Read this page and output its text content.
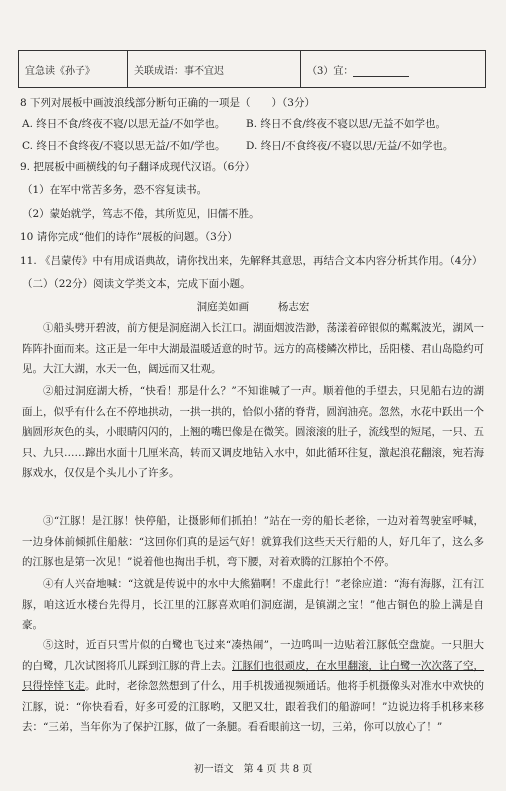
宜急读《孙子》	关联成语：事不宜迟	（3）宜：
8 下列对展板中画波浪线部分断句正确的一项是（　　）（3分）
A. 终日不食/终夜不寝/以思无益/不如学也。	B. 终日不食/终夜不寝以思/无益不如学也。
C. 终日不食终夜/不寝以思无益/不如/学也。	D. 终日/不食终夜/不寝以思/无益/不如学也。
9. 把展板中画横线的句子翻译成现代汉语。（6分）
（1）在军中常苦多务，恐不容复读书。
（2）蒙始就学，笃志不倦，其所览见，旧儒不胜。
10 请你完成“他们的诗作”展板的问题。（3分）
11. 《吕蒙传》中有用成语典故，请你找出来，先解释其意思，再结合文本内容分析其作用。（4分）
（二）（22分）阅读文学类文本，完成下面小题。
洞庭美如画	杨志宏

①船头劈开碧波，前方便是洞庭湖入长江口。湖面烟波浩渺，荡漾着碎银似的粼粼波光，湖风一阵阵扑面而来。这正是一年中大湖最温暖适意的时节。远方的高楼鳞次栉比，岳阳楼、君山岛隐约可见。大江大湖，水天一色，阔远而又壮观。

②船过洞庭湖大桥，“快看！那是什么？”不知谁喊了一声。顺着他的手望去，只见船右边的湖面上，似乎有什么在不停地拱动，一拱一拱的，恰似小猪的脊背，圆润油亮。忽然，水花中跃出一个脑圆形灰色的头，小眼睛闪闪的，上翘的嘴巴像是在微笑。圆滚滚的肚子，流线型的短尾，一只、五只、九只……蹿出水面十几厘米高，转而又调皮地钻入水中，如此循环往复，激起浪花翻滚，宛若海豚戏水，仅仅是个头儿小了许多。

③“江豚！是江豚！快停船，让摄影师们抓拍！”站在一旁的船长老徐，一边对着驾驶室呼喊，一边身体前倾抓住船舷：“这回你们真的是运气好！就算我们这些天天行船的人，好几年了，这么多的江豚也是第一次见！”说着他也掏出手机，弯下腰，对着欢腾的江豚拍个不停。

④有人兴奋地喊：“这就是传说中的水中大熊猫啊！不虚此行！”老徐应道：“海有海豚，江有江豚，咱这近水楼台先得月，长江里的江豚喜欢咱们洞庭湖，是镇湖之宝！”他古铜色的脸上满是自豪。

⑤这时，近百只雪片似的白鹭也飞过来“凑热闹”，一边鸣叫一边贴着江豚低空盘旋。一只胆大的白鹭，几次试图将爪儿踩到江豚的背上去。江豚们也很顽皮，在水里翻滚，让白鹭一次次落了空，只得悻悻飞走。此时，老徐忽然想到了什么，用手机拨通视频通话。他将手机摄像头对准水中欢快的江豚，说：“你快看看，好多可爱的江豚哟，又肥又壮，跟着我们的船游呵！”边说边将手机移来移去：“三弟，当年你为了保护江豚，做了一条腿。看看眼前这一切，三弟，你可以放心了！”

初一语文　第 4 页 共 8 页
